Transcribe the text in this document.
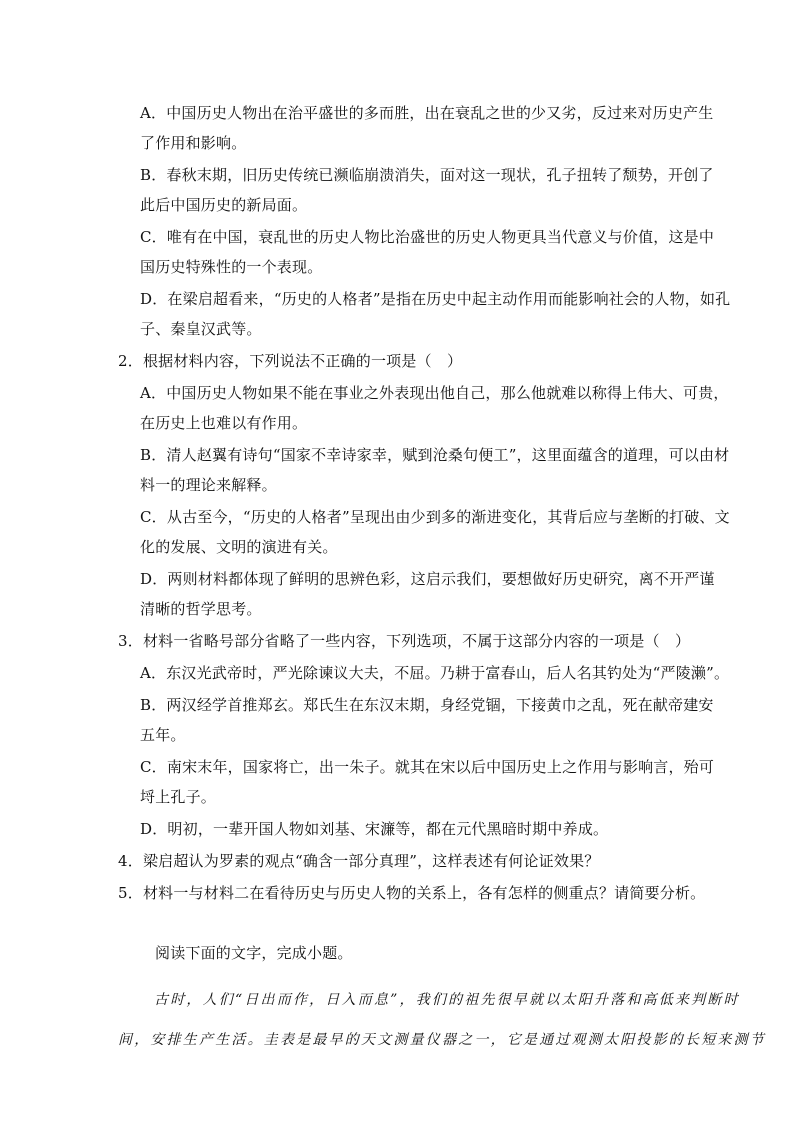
A．中国历史人物出在治平盛世的多而胜，出在衰乱之世的少又劣，反过来对历史产生
了作用和影响。
B．春秋末期，旧历史传统已濒临崩溃消失，面对这一现状，孔子扭转了颓势，开创了
此后中国历史的新局面。
C．唯有在中国，衰乱世的历史人物比治盛世的历史人物更具当代意义与价值，这是中
国历史特殊性的一个表现。
D．在梁启超看来，“历史的人格者”是指在历史中起主动作用而能影响社会的人物，如孔
子、秦皇汉武等。
2．根据材料内容，下列说法不正确的一项是（　）
A．中国历史人物如果不能在事业之外表现出他自己，那么他就难以称得上伟大、可贵，
在历史上也难以有作用。
B．清人赵翼有诗句“国家不幸诗家幸，赋到沧桑句便工”，这里面蕴含的道理，可以由材
料一的理论来解释。
C．从古至今，“历史的人格者”呈现出由少到多的渐进变化，其背后应与垄断的打破、文
化的发展、文明的演进有关。
D．两则材料都体现了鲜明的思辨色彩，这启示我们，要想做好历史研究，离不开严谨
清晰的哲学思考。
3．材料一省略号部分省略了一些内容，下列选项，不属于这部分内容的一项是（　）
A．东汉光武帝时，严光除谏议大夫，不屈。乃耕于富春山，后人名其钓处为“严陵濑”。
B．两汉经学首推郑玄。郑氏生在东汉末期，身经党锢，下接黄巾之乱，死在献帝建安
五年。
C．南宋末年，国家将亡，出一朱子。就其在宋以后中国历史上之作用与影响言，殆可
埒上孔子。
D．明初，一辈开国人物如刘基、宋濂等，都在元代黑暗时期中养成。
4．梁启超认为罗素的观点“确含一部分真理”，这样表述有何论证效果？
5．材料一与材料二在看待历史与历史人物的关系上，各有怎样的侧重点？请简要分析。
阅读下面的文字，完成小题。
古时，人们“日出而作，日入而息”，我们的祖先很早就以太阳升落和高低来判断时
间，安排生产生活。圭表是最早的天文测量仪器之一，它是通过观测太阳投影的长短来测节
